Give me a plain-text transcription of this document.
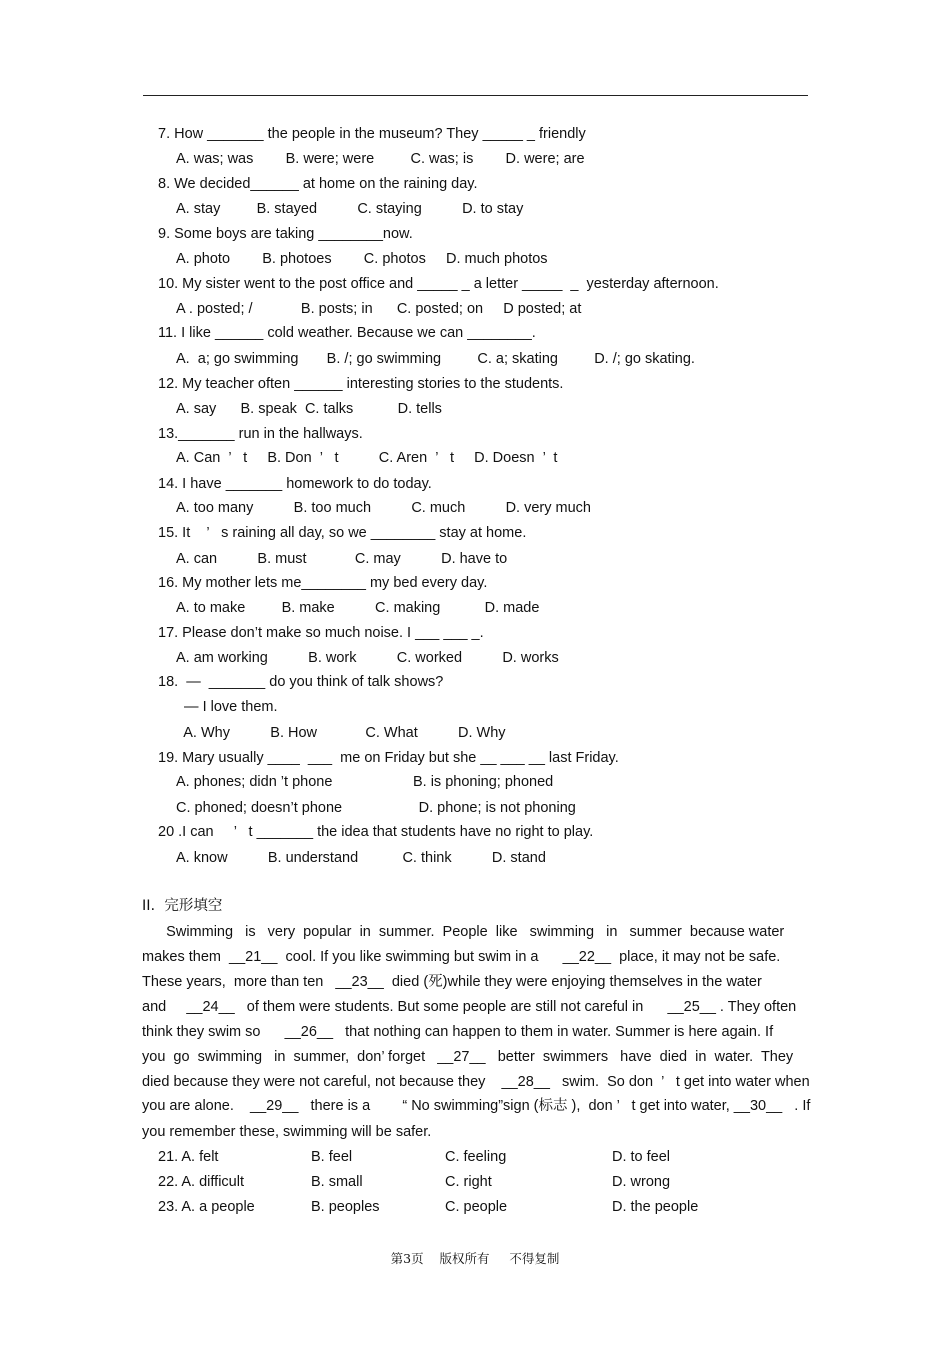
7. How _______ the people in the museum? They _____ _ friendly
A. was; was        B. were; were         C. was; is        D. were; are
8. We decided______ at home on the raining day.
A. stay         B. stayed          C. staying          D. to stay
9. Some boys are taking ________now.
A. photo        B. photoes        C. photos     D. much photos
10. My sister went to the post office and _____ _ a letter _____  _  yesterday afternoon.
A . posted; /            B. posts; in      C. posted; on     D posted; at
11. I like ______ cold weather. Because we can ________.
A.  a; go swimming       B. /; go swimming         C. a; skating         D. /; go skating.
12. My teacher often ______ interesting stories to the students.
A. say      B. speak  C. talks           D. tells
13._______ run in the hallways.
A. Can  ’   t     B. Don  ’   t          C. Aren  ’   t     D. Doesn  ’  t
14. I have _______ homework to do today.
A. too many          B. too much          C. much          D. very much
15. It    ’   s raining all day, so we ________ stay at home.
A. can          B. must            C. may          D. have to
16. My mother lets me________ my bed every day.
A. to make         B. make          C. making           D. made
17. Please don’t make so much noise. I ___ ___ _.
A. am working          B. work          C. worked          D. works
18.  —  _______ do you think of talk shows?
— I love them.
A. Why          B. How            C. What          D. Why
19. Mary usually ____  ___  me on Friday but she __ ___ __ last Friday.
A. phones; didn ’t phone                    B. is phoning; phoned
C. phoned; doesn’t phone                   D. phone; is not phoning
20 .I can     ’   t _______ the idea that students have no right to play.
A. know          B. understand           C. think          D. stand
II.  完形填空
Swimming   is   very  popular  in  summer.  People  like   swimming   in   summer  because water
makes them  __21__  cool. If you like swimming but swim in a      __22__  place, it may not be safe.
These years,  more than ten   __23__  died (死)while they were enjoying themselves in the water
and     __24__   of them were students. But some people are still not careful in      __25__ . They often
think they swim so      __26__   that nothing can happen to them in water. Summer is here again. If
you  go  swimming   in  summer,  don’ forget   __27__   better  swimmers   have  died  in  water.  They
died because they were not careful, not because they    __28__   swim.  So don  ’   t get into water when
you are alone.    __29__   there is a        “ No swimming”sign (标志 ),  don ’   t get into water, __30__   . If
you remember these, swimming will be safer.
21. A. felt	B. feel	C. feeling	D. to feel
22. A. difficult	B. small	C. right	D. wrong
23. A. a people	B. peoples	C. people	D. the people
第3页    版权所有     不得复制
